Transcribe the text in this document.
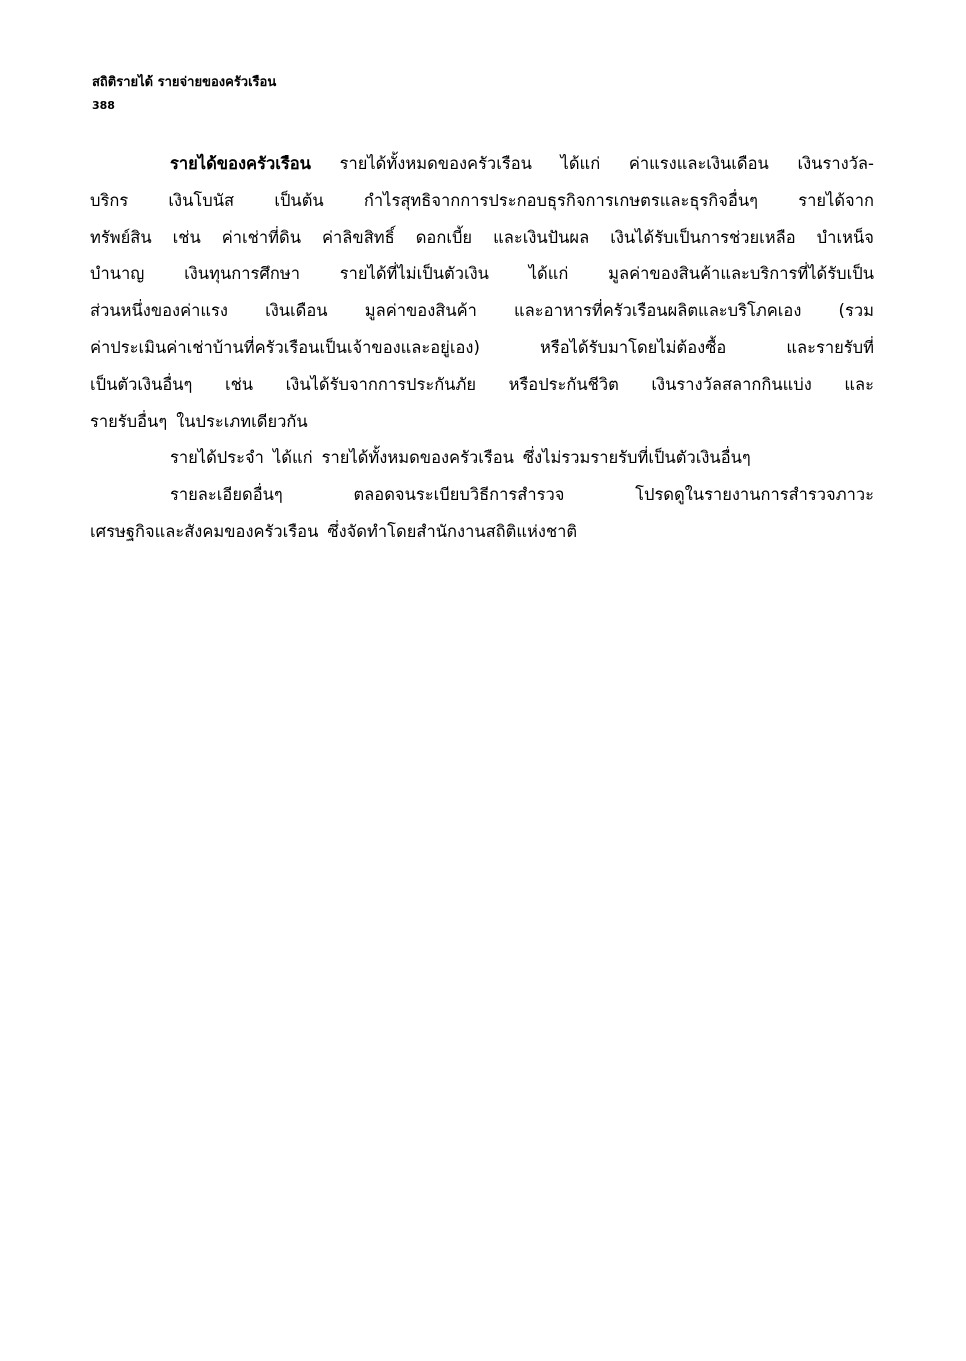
สถิติรายได้ รายจ่ายของครัวเรือน
388
รายได้ของครัวเรือน รายได้ทั้งหมดของครัวเรือน ได้แก่ ค่าแรงและเงินเดือน เงินรางวัล-
บริกร เงินโบนัส เป็นต้น กำไรสุทธิจากการประกอบธุรกิจการเกษตรและธุรกิจอื่นๆ รายได้จาก
ทรัพย์สิน เช่น ค่าเช่าที่ดิน ค่าลิขสิทธิ์ ดอกเบี้ย และเงินปันผล เงินได้รับเป็นการช่วยเหลือ บำเหน็จ
บำนาญ เงินทุนการศึกษา รายได้ที่ไม่เป็นตัวเงิน ได้แก่ มูลค่าของสินค้าและบริการที่ได้รับเป็น
ส่วนหนึ่งของค่าแรง เงินเดือน มูลค่าของสินค้า และอาหารที่ครัวเรือนผลิตและบริโภคเอง (รวม
ค่าประเมินค่าเช่าบ้านที่ครัวเรือนเป็นเจ้าของและอยู่เอง)	หรือได้รับมาโดยไม่ต้องซื้อ	และรายรับที่
เป็นตัวเงินอื่นๆ เช่น เงินได้รับจากการประกันภัย หรือประกันชีวิต เงินรางวัลสลากกินแบ่ง และ
รายรับอื่นๆ ในประเภทเดียวกัน
รายได้ประจำ ได้แก่ รายได้ทั้งหมดของครัวเรือน ซึ่งไม่รวมรายรับที่เป็นตัวเงินอื่นๆ
รายละเอียดอื่นๆ	ตลอดจนระเบียบวิธีการสำรวจ	โปรดดูในรายงานการสำรวจภาวะ
เศรษฐกิจและสังคมของครัวเรือน ซึ่งจัดทำโดยสำนักงานสถิติแห่งชาติ
